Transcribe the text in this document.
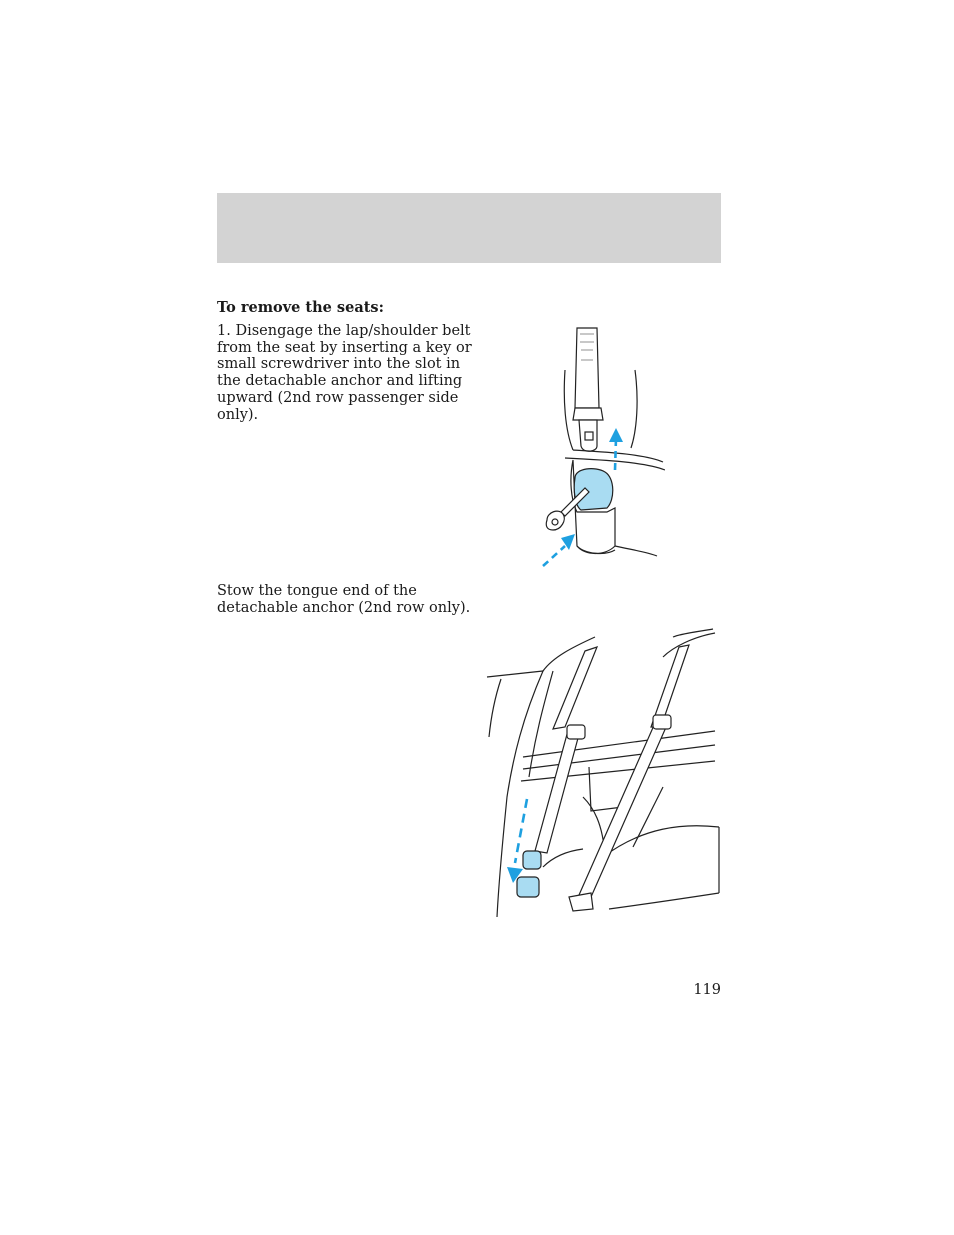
To remove the seats:
1. Disengage the lap/shoulder belt from the seat by inserting a key or small screwdriver into the slot in the detachable anchor and lifting upward (2nd row passenger side only).
Stow the tongue end of the detachable anchor (2nd row only).
119
